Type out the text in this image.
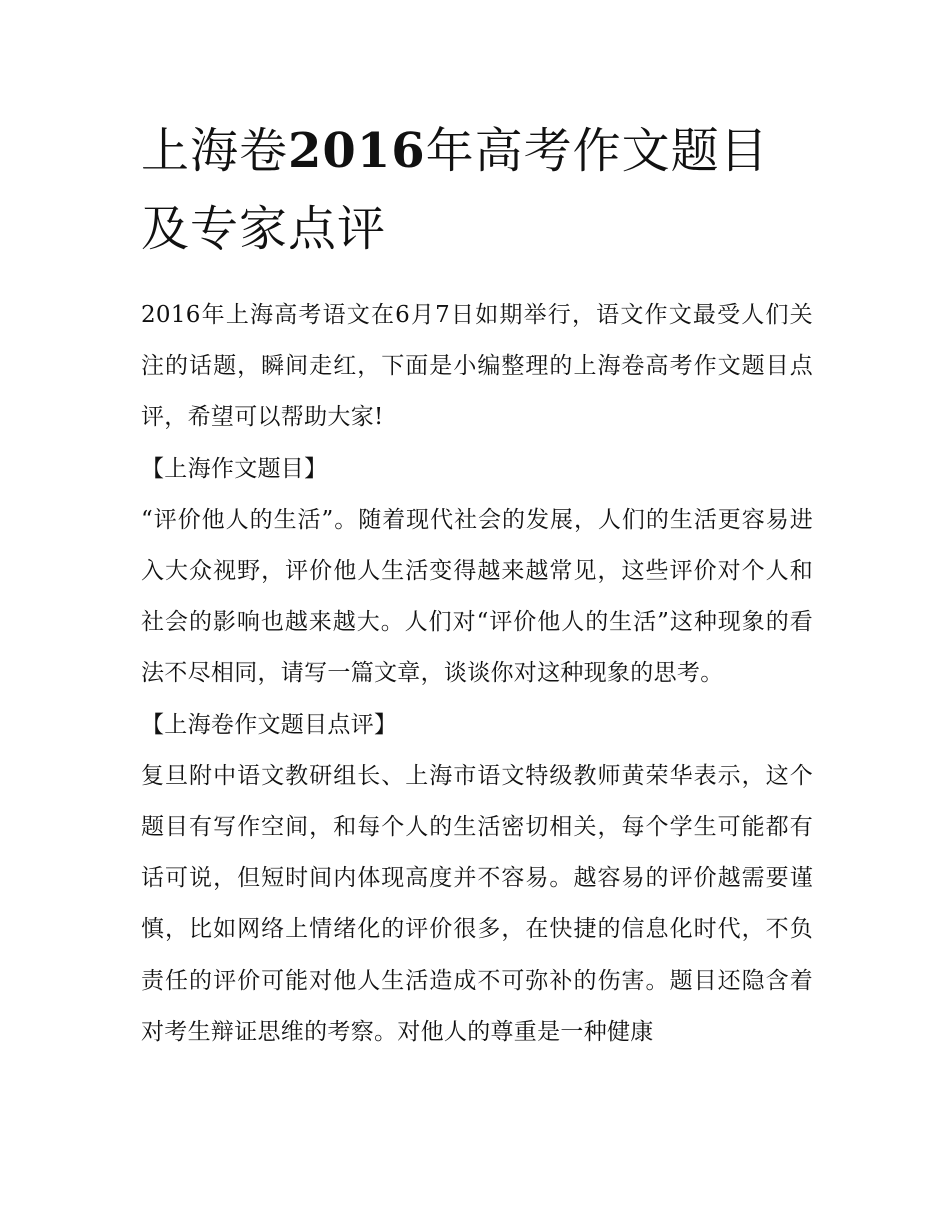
上海卷2016年高考作文题目及专家点评

2016年上海高考语文在6月7日如期举行，语文作文最受人们关注的话题，瞬间走红，下面是小编整理的上海卷高考作文题目点评，希望可以帮助大家!

【上海作文题目】

“评价他人的生活”。随着现代社会的发展，人们的生活更容易进入大众视野，评价他人生活变得越来越常见，这些评价对个人和社会的影响也越来越大。人们对“评价他人的生活”这种现象的看法不尽相同，请写一篇文章，谈谈你对这种现象的思考。

【上海卷作文题目点评】

复旦附中语文教研组长、上海市语文特级教师黄荣华表示，这个题目有写作空间，和每个人的生活密切相关，每个学生可能都有话可说，但短时间内体现高度并不容易。越容易的评价越需要谨慎，比如网络上情绪化的评价很多，在快捷的信息化时代，不负责任的评价可能对他人生活造成不可弥补的伤害。题目还隐含着对考生辩证思维的考察。对他人的尊重是一种健康
